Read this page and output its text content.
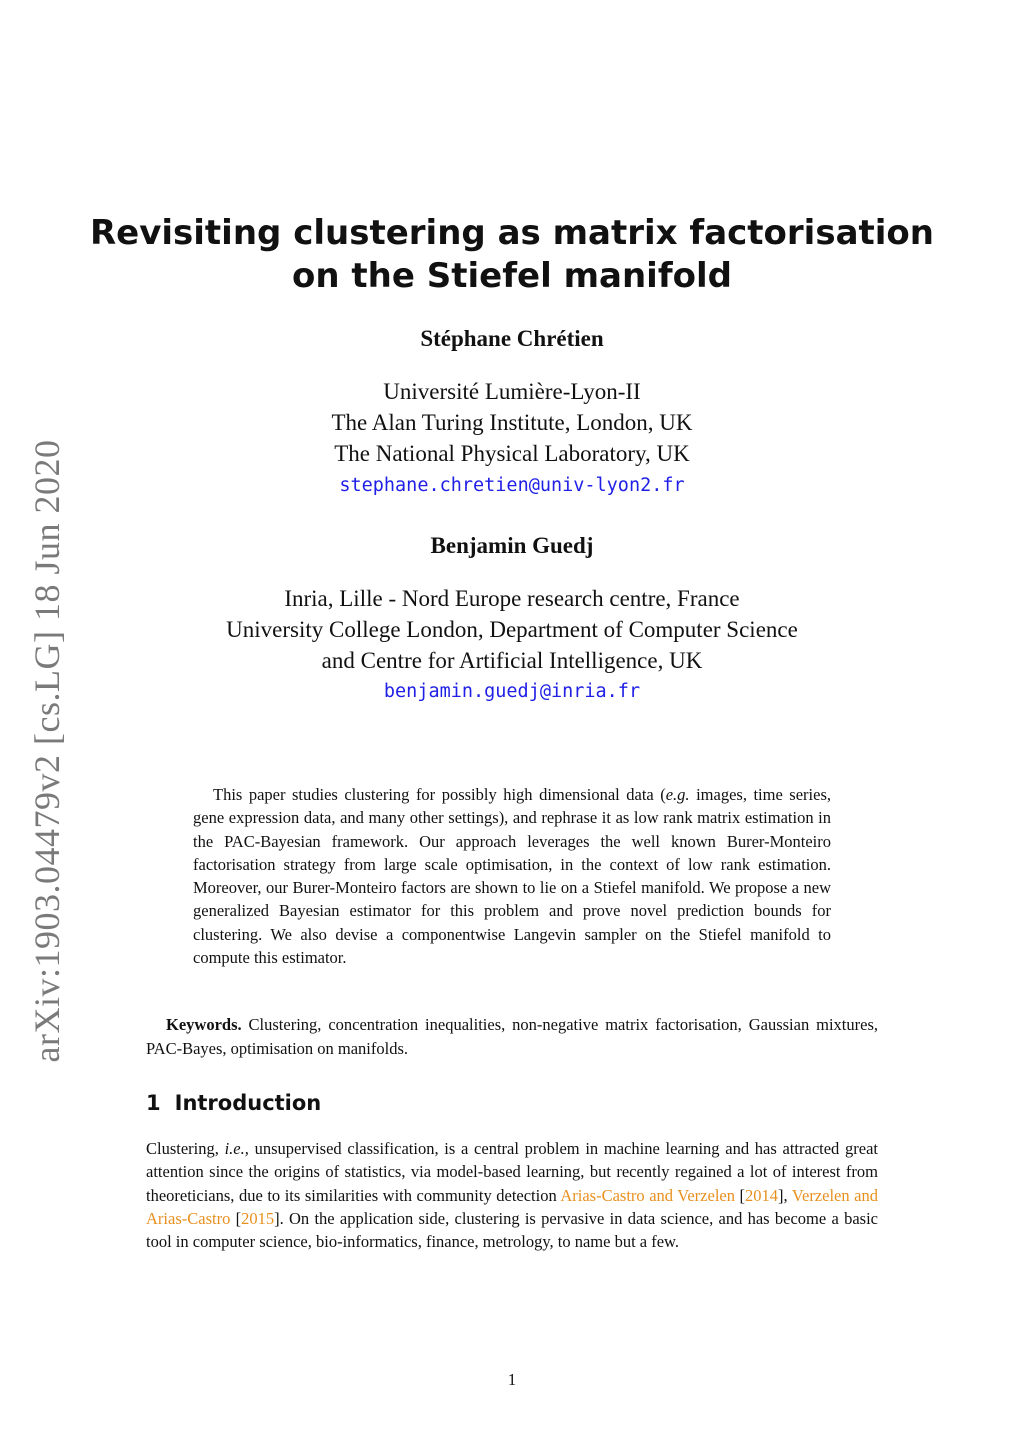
arXiv:1903.04479v2 [cs.LG] 18 Jun 2020
Revisiting clustering as matrix factorisation
on the Stiefel manifold
Stéphane Chrétien
Université Lumière-Lyon-II
The Alan Turing Institute, London, UK
The National Physical Laboratory, UK
stephane.chretien@univ-lyon2.fr
Benjamin Guedj
Inria, Lille - Nord Europe research centre, France
University College London, Department of Computer Science
and Centre for Artificial Intelligence, UK
benjamin.guedj@inria.fr

This paper studies clustering for possibly high dimensional data (e.g. images, time series, gene expression data, and many other settings), and rephrase it as low rank matrix estimation in the PAC-Bayesian framework. Our approach leverages the well known Burer-Monteiro factorisation strategy from large scale optimisation, in the context of low rank estimation. Moreover, our Burer-Monteiro factors are shown to lie on a Stiefel manifold. We propose a new generalized Bayesian estimator for this problem and prove novel prediction bounds for clustering. We also devise a componentwise Langevin sampler on the Stiefel manifold to compute this estimator.

Keywords. Clustering, concentration inequalities, non-negative matrix factorisation, Gaussian mixtures, PAC-Bayes, optimisation on manifolds.

1 Introduction

Clustering, i.e., unsupervised classification, is a central problem in machine learning and has attracted great attention since the origins of statistics, via model-based learning, but recently regained a lot of interest from theoreticians, due to its similarities with community detection Arias-Castro and Verzelen [2014], Verzelen and Arias-Castro [2015]. On the application side, clustering is pervasive in data science, and has become a basic tool in computer science, bio-informatics, finance, metrology, to name but a few.

1
